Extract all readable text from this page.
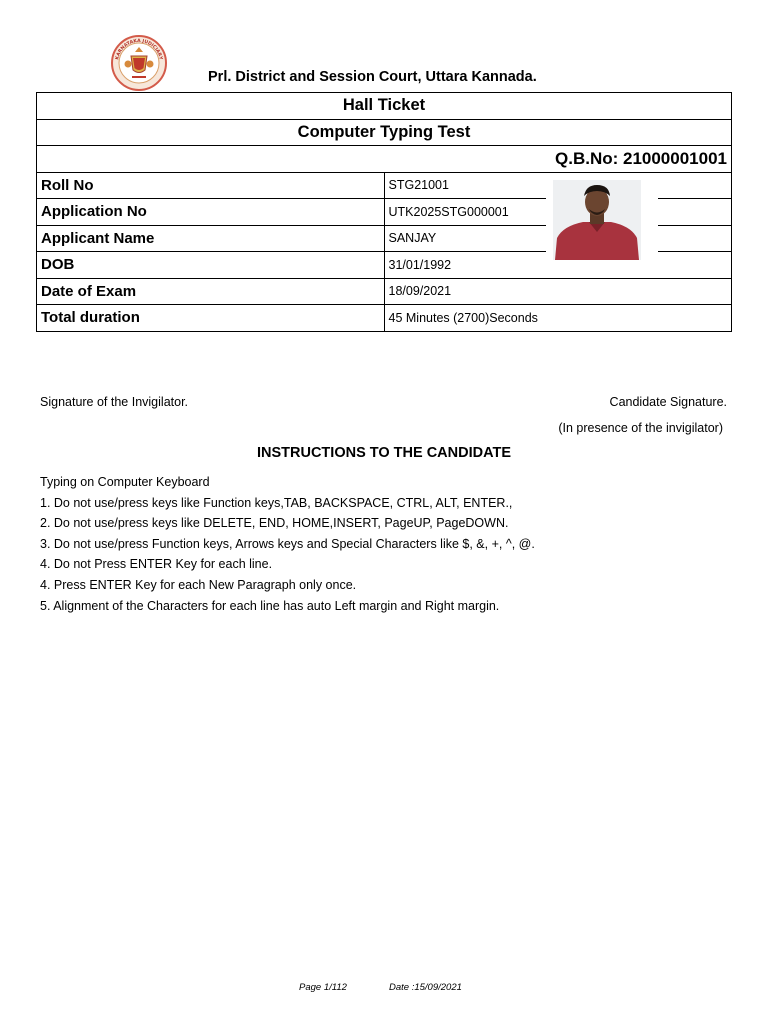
KARNATAKA JUDICIARY
Prl. District and Session Court, Uttara Kannada.
Hall Ticket	
Computer Typing Test	
Q.B.No: 21000001001	
Roll No	STG21001
Application No	UTK2025STG000001
Applicant Name	SANJAY
DOB	31/01/1992
Date of Exam	18/09/2021
Total duration	45 Minutes (2700)Seconds
Signature of the Invigilator.	Candidate Signature.
(In presence of the invigilator)
INSTRUCTIONS TO THE CANDIDATE
Typing on Computer Keyboard
1. Do not use/press keys like Function keys,TAB, BACKSPACE, CTRL, ALT, ENTER.,
2. Do not use/press keys like DELETE, END, HOME,INSERT, PageUP, PageDOWN.
3. Do not use/press Function keys, Arrows keys and Special Characters like $, &, +, ^, @.
4. Do not Press ENTER Key for each line.
4. Press ENTER Key for each New Paragraph only once.
5. Alignment of the Characters for each line has auto Left margin and Right margin.
Page 1/112	Date :15/09/2021
